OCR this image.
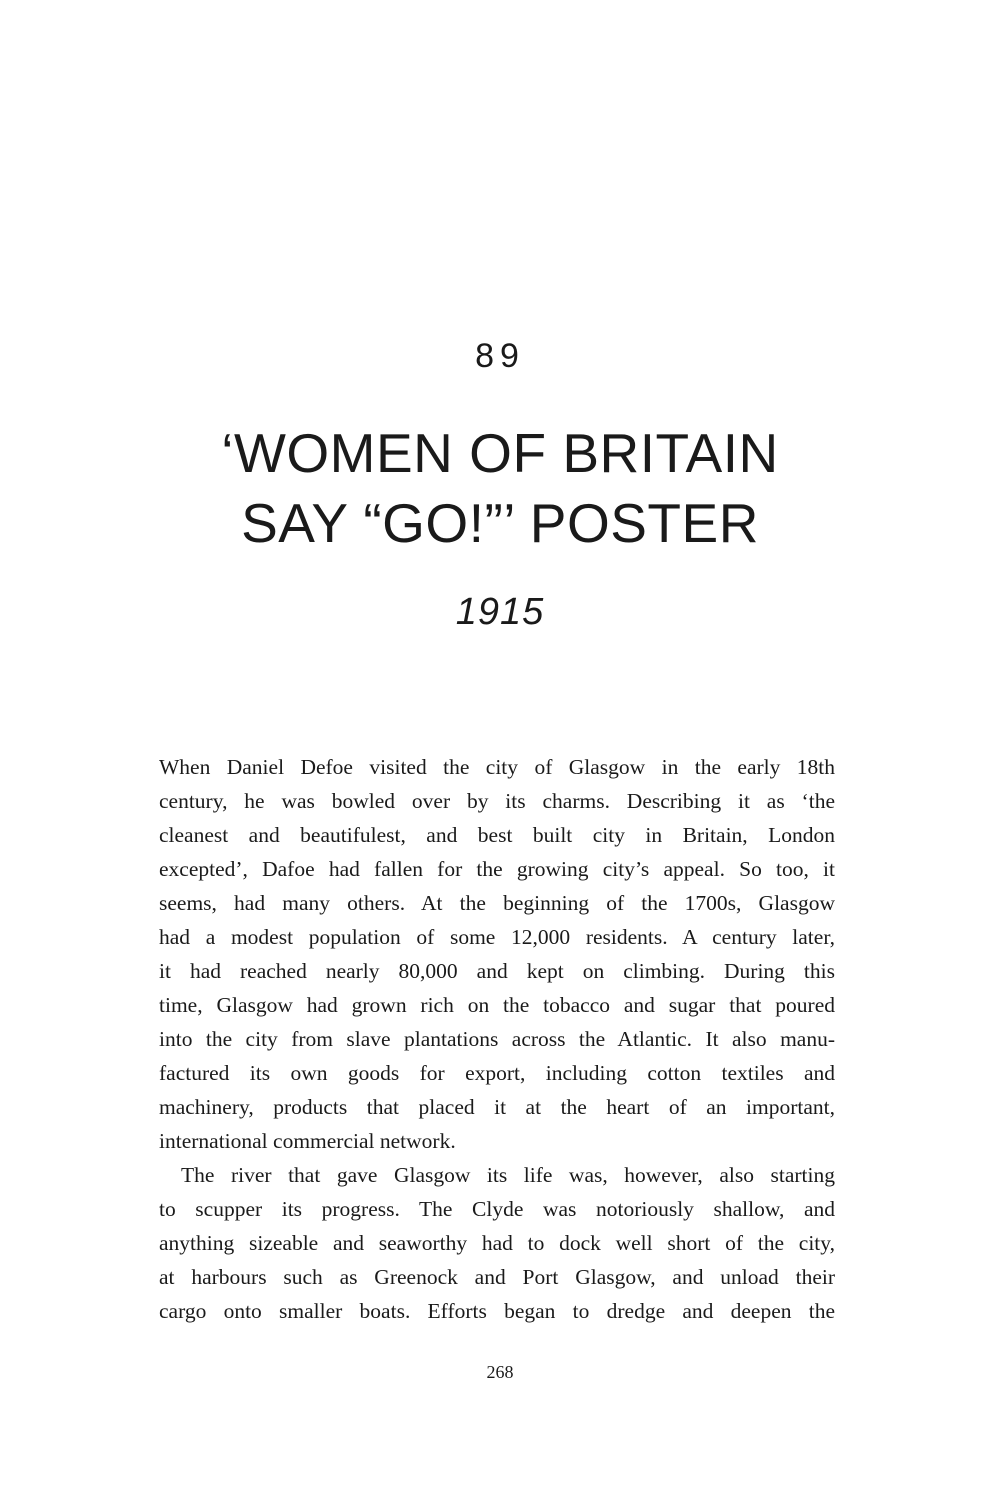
89
‘WOMEN OF BRITAIN
SAY “GO!”’ POSTER
1915
When Daniel Defoe visited the city of Glasgow in the early 18th
century, he was bowled over by its charms. Describing it as ‘the
cleanest and beautifulest, and best built city in Britain, London
excepted’, Dafoe had fallen for the growing city’s appeal. So too, it
seems, had many others. At the beginning of the 1700s, Glasgow
had a modest population of some 12,000 residents. A century later,
it had reached nearly 80,000 and kept on climbing. During this
time, Glasgow had grown rich on the tobacco and sugar that poured
into the city from slave plantations across the Atlantic. It also manu-
factured its own goods for export, including cotton textiles and
machinery, products that placed it at the heart of an important,
international commercial network.
The river that gave Glasgow its life was, however, also starting
to scupper its progress. The Clyde was notoriously shallow, and
anything sizeable and seaworthy had to dock well short of the city,
at harbours such as Greenock and Port Glasgow, and unload their
cargo onto smaller boats. Efforts began to dredge and deepen the
268
